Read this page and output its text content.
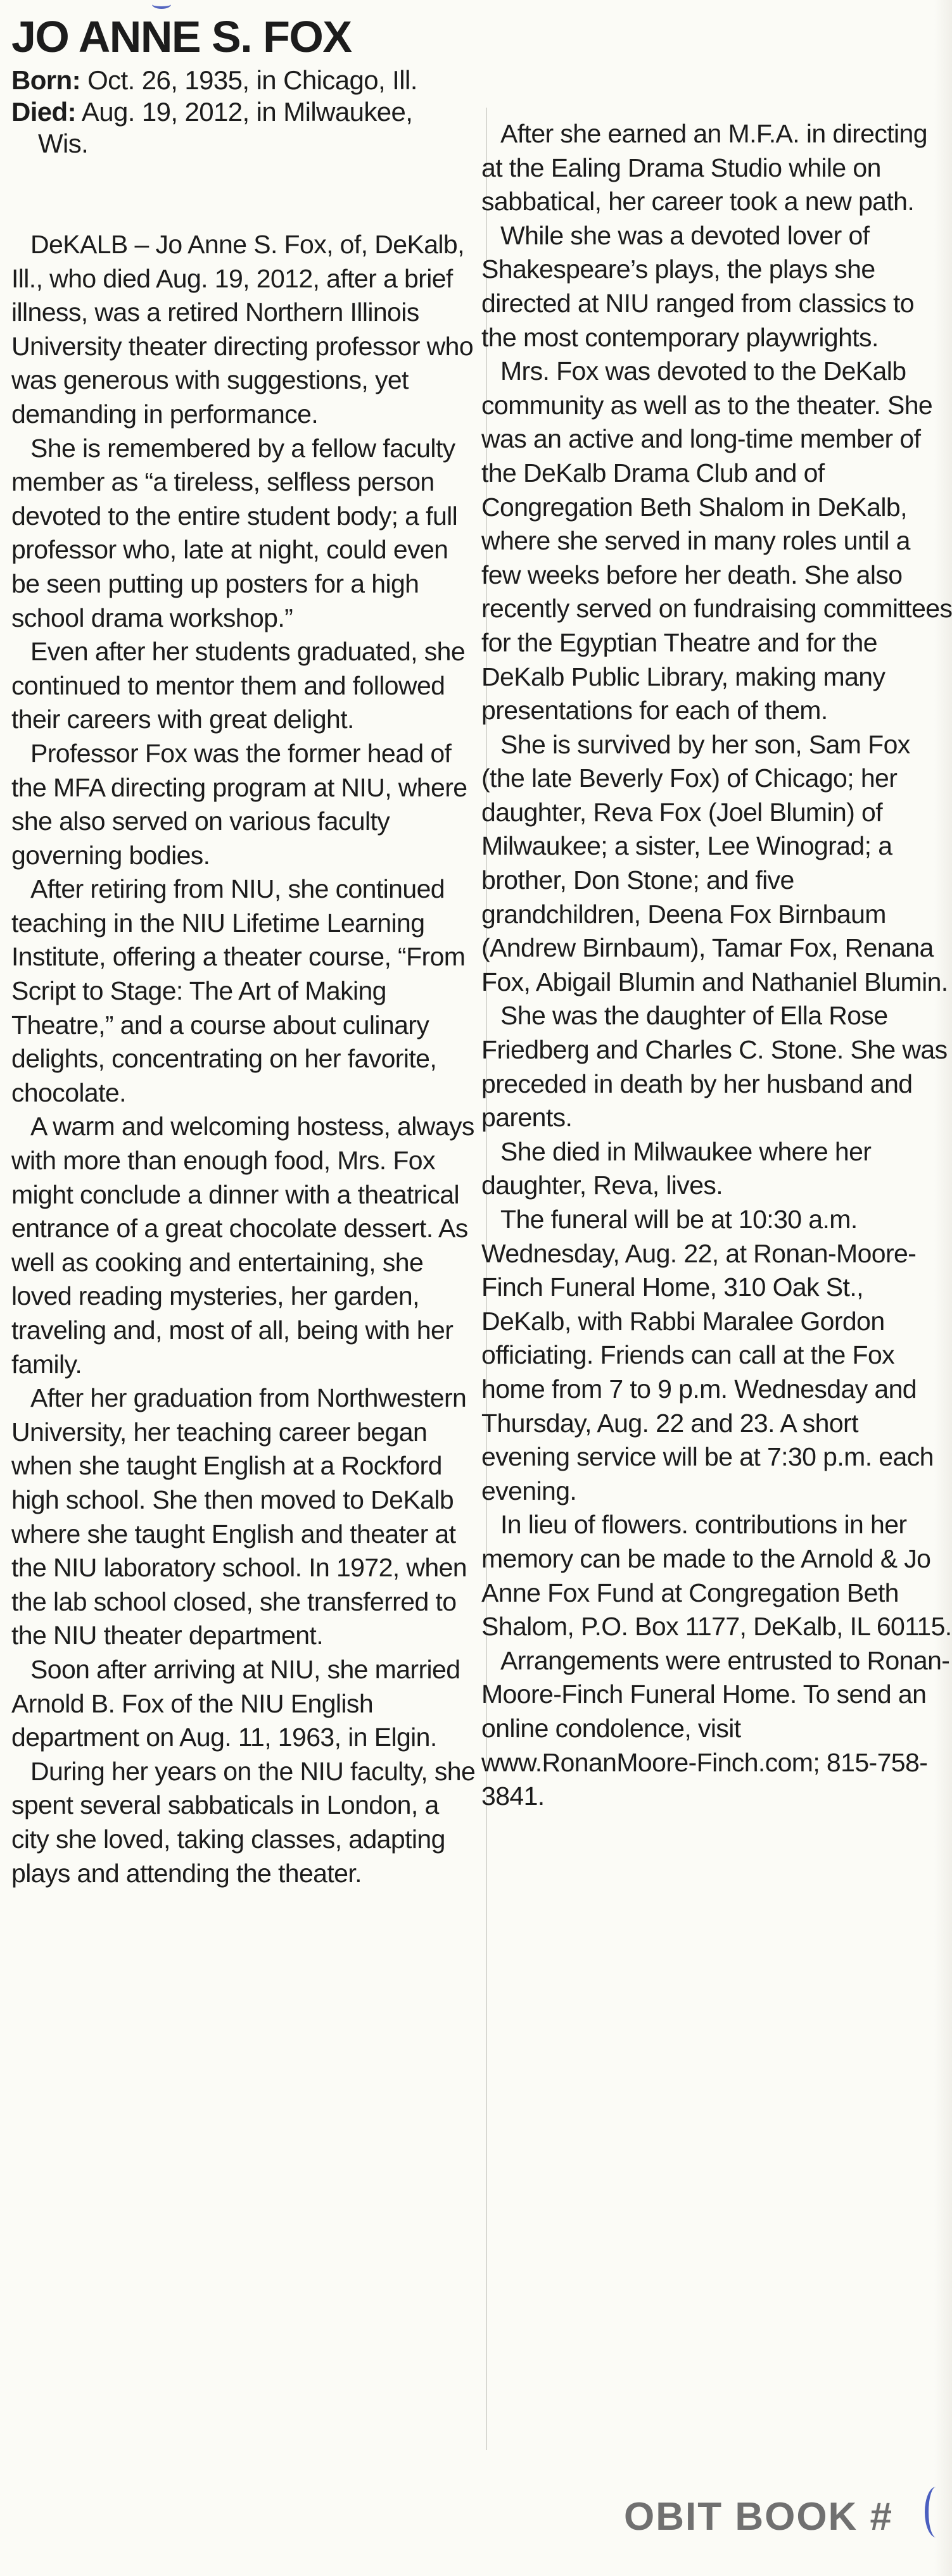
JO ANNE S. FOX

Born: Oct. 26, 1935, in Chicago, Ill.

Died: Aug. 19, 2012, in Milwaukee,

Wis.

DeKALB – Jo Anne S. Fox, of, DeKalb, Ill., who died Aug. 19, 2012, after a brief illness, was a retired Northern Illinois University theater directing professor who was generous with suggestions, yet demanding in performance.

She is remembered by a fellow faculty member as “a tireless, selfless person devoted to the entire student body; a full professor who, late at night, could even be seen putting up posters for a high school drama workshop.”

Even after her students graduated, she continued to mentor them and followed their careers with great delight.

Professor Fox was the former head of the MFA directing program at NIU, where she also served on various faculty governing bodies.

After retiring from NIU, she continued teaching in the NIU Lifetime Learning Institute, offering a theater course, “From Script to Stage: The Art of Making Theatre,” and a course about culinary delights, concentrating on her favorite, chocolate.

A warm and welcoming hostess, always with more than enough food, Mrs. Fox might conclude a dinner with a theatrical entrance of a great chocolate dessert. As well as cooking and entertaining, she loved reading mysteries, her garden, traveling and, most of all, being with her family.

After her graduation from Northwestern University, her teaching career began when she taught English at a Rockford high school. She then moved to DeKalb where she taught English and theater at the NIU laboratory school. In 1972, when the lab school closed, she transferred to the NIU theater department.

Soon after arriving at NIU, she married Arnold B. Fox of the NIU English department on Aug. 11, 1963, in Elgin.

During her years on the NIU faculty, she spent several sabbaticals in London, a city she loved, taking classes, adapting plays and attending the theater.

After she earned an M.F.A. in directing at the Ealing Drama Studio while on sabbatical, her career took a new path.

While she was a devoted lover of Shakespeare’s plays, the plays she directed at NIU ranged from classics to the most contemporary playwrights.

Mrs. Fox was devoted to the DeKalb community as well as to the theater. She was an active and long-time member of the DeKalb Drama Club and of Congregation Beth Shalom in DeKalb, where she served in many roles until a few weeks before her death. She also recently served on fundraising committees for the Egyptian Theatre and for the DeKalb Public Library, making many presentations for each of them.

She is survived by her son, Sam Fox (the late Beverly Fox) of Chicago; her daughter, Reva Fox (Joel Blumin) of Milwaukee; a sister, Lee Winograd; a brother, Don Stone; and five grandchildren, Deena Fox Birnbaum (Andrew Birnbaum), Tamar Fox, Renana Fox, Abigail Blumin and Nathaniel Blumin.

She was the daughter of Ella Rose Friedberg and Charles C. Stone. She was preceded in death by her husband and parents.

She died in Milwaukee where her daughter, Reva, lives.

The funeral will be at 10:30 a.m. Wednesday, Aug. 22, at Ronan-Moore-Finch Funeral Home, 310 Oak St., DeKalb, with Rabbi Maralee Gordon officiating. Friends can call at the Fox home from 7 to 9 p.m. Wednesday and Thursday, Aug. 22 and 23. A short evening service will be at 7:30 p.m. each evening.

In lieu of flowers. contributions in her memory can be made to the Arnold & Jo Anne Fox Fund at Congregation Beth Shalom, P.O. Box 1177, DeKalb, IL 60115.

Arrangements were entrusted to Ronan-Moore-Finch Funeral Home. To send an online condolence, visit www.RonanMoore-Finch.com; 815-758-3841.

OBIT BOOK #
